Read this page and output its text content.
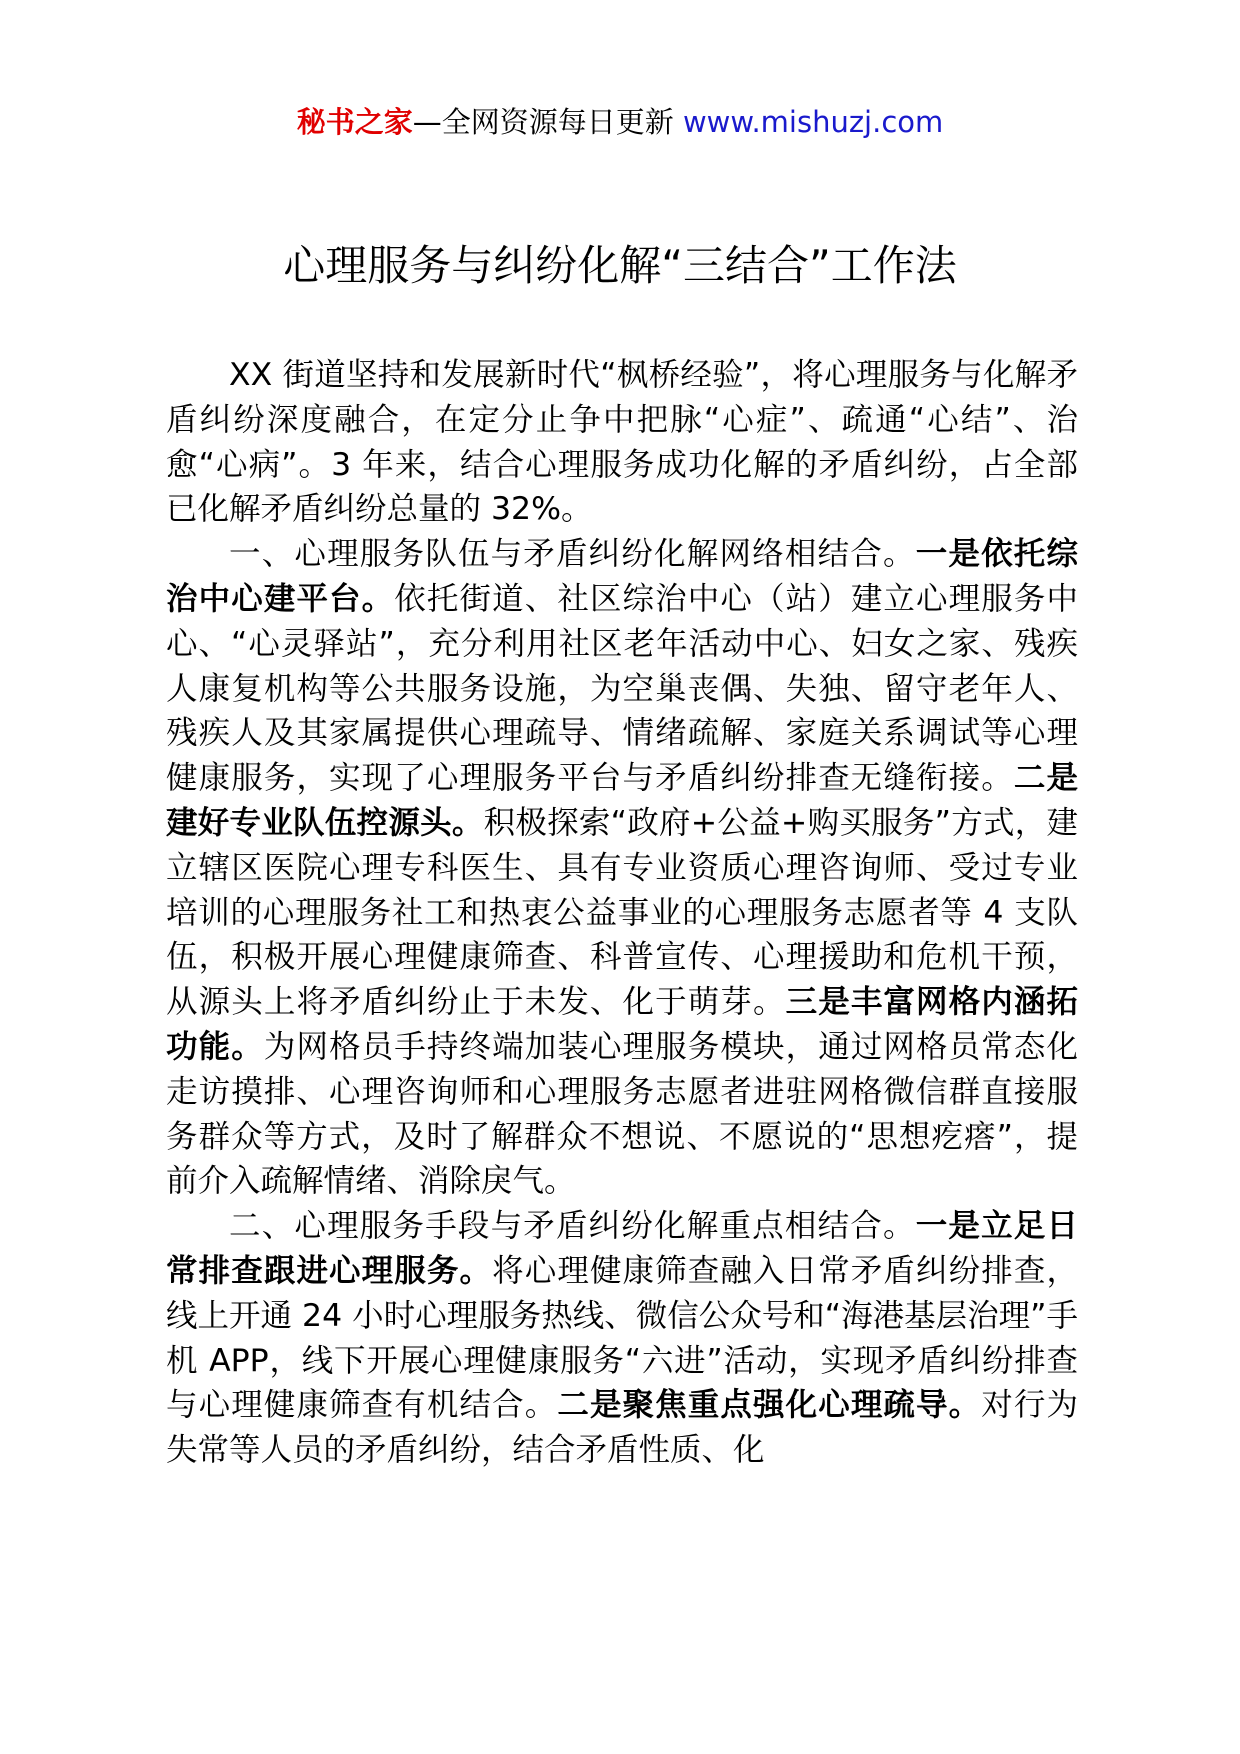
秘书之家—全网资源每日更新 www.mishuzj.com
心理服务与纠纷化解“三结合”工作法

XX 街道坚持和发展新时代“枫桥经验”，将心理服务与化解矛盾纠纷深度融合，在定分止争中把脉“心症”、疏通“心结”、治愈“心病”。3 年来，结合心理服务成功化解的矛盾纠纷，占全部已化解矛盾纠纷总量的 32%。

一、心理服务队伍与矛盾纠纷化解网络相结合。一是依托综治中心建平台。依托街道、社区综治中心（站）建立心理服务中心、“心灵驿站”，充分利用社区老年活动中心、妇女之家、残疾人康复机构等公共服务设施，为空巢丧偶、失独、留守老年人、残疾人及其家属提供心理疏导、情绪疏解、家庭关系调试等心理健康服务，实现了心理服务平台与矛盾纠纷排查无缝衔接。二是建好专业队伍控源头。积极探索“政府+公益+购买服务”方式，建立辖区医院心理专科医生、具有专业资质心理咨询师、受过专业培训的心理服务社工和热衷公益事业的心理服务志愿者等 4 支队伍，积极开展心理健康筛查、科普宣传、心理援助和危机干预，从源头上将矛盾纠纷止于未发、化于萌芽。三是丰富网格内涵拓功能。为网格员手持终端加装心理服务模块，通过网格员常态化走访摸排、心理咨询师和心理服务志愿者进驻网格微信群直接服务群众等方式，及时了解群众不想说、不愿说的“思想疙瘩”，提前介入疏解情绪、消除戾气。

二、心理服务手段与矛盾纠纷化解重点相结合。一是立足日常排查跟进心理服务。将心理健康筛查融入日常矛盾纠纷排查，线上开通 24 小时心理服务热线、微信公众号和“海港基层治理”手机 APP，线下开展心理健康服务“六进”活动，实现矛盾纠纷排查与心理健康筛查有机结合。二是聚焦重点强化心理疏导。对行为失常等人员的矛盾纠纷，结合矛盾性质、化
